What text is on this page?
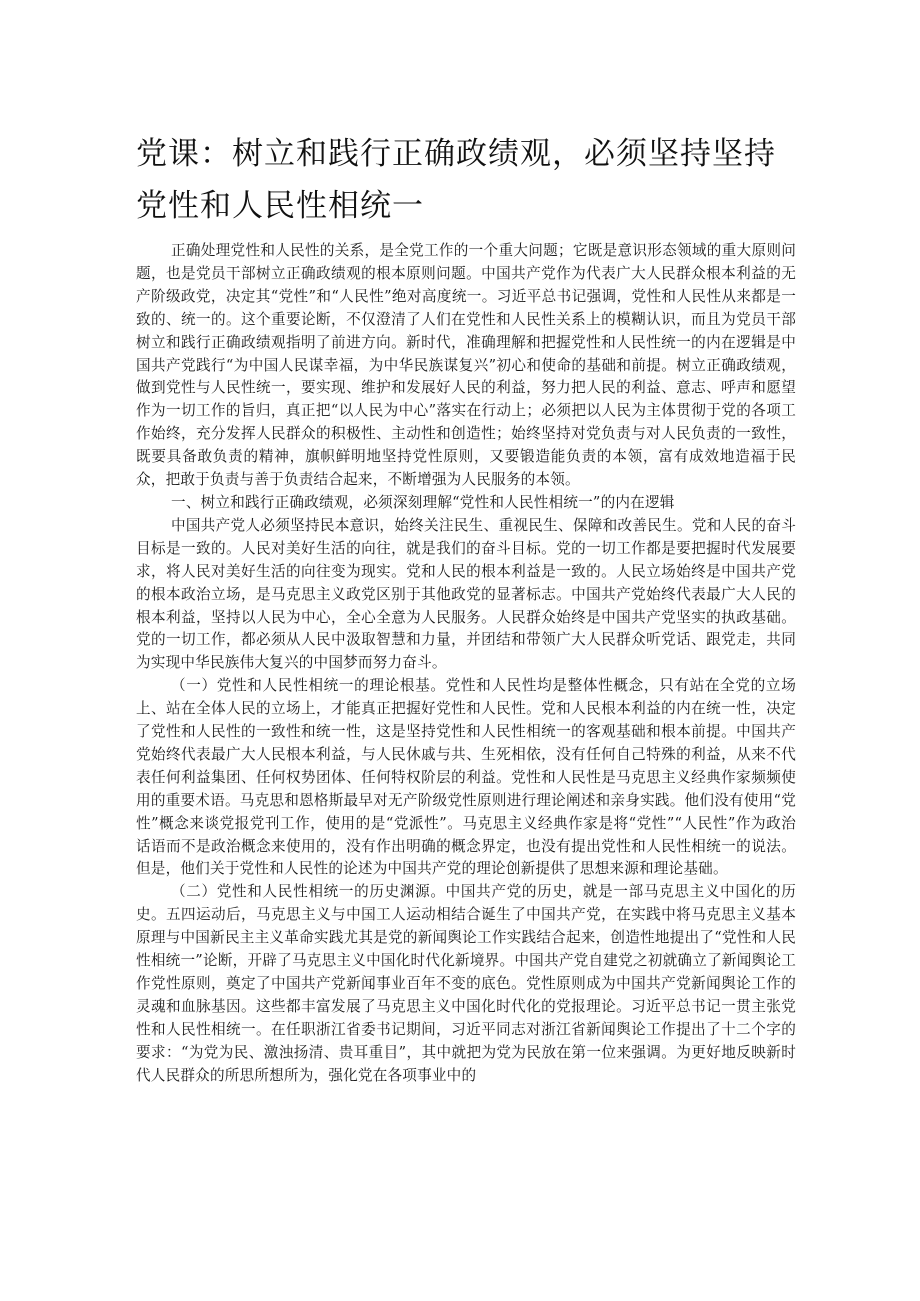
党课：树立和践行正确政绩观，必须坚持坚持党性和人民性相统一

正确处理党性和人民性的关系，是全党工作的一个重大问题；它既是意识形态领域的重大原则问题，也是党员干部树立正确政绩观的根本原则问题。中国共产党作为代表广大人民群众根本利益的无产阶级政党，决定其“党性”和“人民性”绝对高度统一。习近平总书记强调，党性和人民性从来都是一致的、统一的。这个重要论断，不仅澄清了人们在党性和人民性关系上的模糊认识，而且为党员干部树立和践行正确政绩观指明了前进方向。新时代，准确理解和把握党性和人民性统一的内在逻辑是中国共产党践行“为中国人民谋幸福，为中华民族谋复兴”初心和使命的基础和前提。树立正确政绩观，做到党性与人民性统一，要实现、维护和发展好人民的利益，努力把人民的利益、意志、呼声和愿望作为一切工作的旨归，真正把“以人民为中心”落实在行动上；必须把以人民为主体贯彻于党的各项工作始终，充分发挥人民群众的积极性、主动性和创造性；始终坚持对党负责与对人民负责的一致性，既要具备敢负责的精神，旗帜鲜明地坚持党性原则，又要锻造能负责的本领，富有成效地造福于民众，把敢于负责与善于负责结合起来，不断增强为人民服务的本领。

一、树立和践行正确政绩观，必须深刻理解“党性和人民性相统一”的内在逻辑

中国共产党人必须坚持民本意识，始终关注民生、重视民生、保障和改善民生。党和人民的奋斗目标是一致的。人民对美好生活的向往，就是我们的奋斗目标。党的一切工作都是要把握时代发展要求，将人民对美好生活的向往变为现实。党和人民的根本利益是一致的。人民立场始终是中国共产党的根本政治立场，是马克思主义政党区别于其他政党的显著标志。中国共产党始终代表最广大人民的根本利益，坚持以人民为中心，全心全意为人民服务。人民群众始终是中国共产党坚实的执政基础。党的一切工作，都必须从人民中汲取智慧和力量，并团结和带领广大人民群众听党话、跟党走，共同为实现中华民族伟大复兴的中国梦而努力奋斗。

（一）党性和人民性相统一的理论根基。党性和人民性均是整体性概念，只有站在全党的立场上、站在全体人民的立场上，才能真正把握好党性和人民性。党和人民根本利益的内在统一性，决定了党性和人民性的一致性和统一性，这是坚持党性和人民性相统一的客观基础和根本前提。中国共产党始终代表最广大人民根本利益，与人民休戚与共、生死相依，没有任何自己特殊的利益，从来不代表任何利益集团、任何权势团体、任何特权阶层的利益。党性和人民性是马克思主义经典作家频频使用的重要术语。马克思和恩格斯最早对无产阶级党性原则进行理论阐述和亲身实践。他们没有使用“党性”概念来谈党报党刊工作，使用的是“党派性”。马克思主义经典作家是将“党性”“人民性”作为政治话语而不是政治概念来使用的，没有作出明确的概念界定，也没有提出党性和人民性相统一的说法。但是，他们关于党性和人民性的论述为中国共产党的理论创新提供了思想来源和理论基础。

（二）党性和人民性相统一的历史渊源。中国共产党的历史，就是一部马克思主义中国化的历史。五四运动后，马克思主义与中国工人运动相结合诞生了中国共产党，在实践中将马克思主义基本原理与中国新民主主义革命实践尤其是党的新闻舆论工作实践结合起来，创造性地提出了“党性和人民性相统一”论断，开辟了马克思主义中国化时代化新境界。中国共产党自建党之初就确立了新闻舆论工作党性原则，奠定了中国共产党新闻事业百年不变的底色。党性原则成为中国共产党新闻舆论工作的灵魂和血脉基因。这些都丰富发展了马克思主义中国化时代化的党报理论。习近平总书记一贯主张党性和人民性相统一。在任职浙江省委书记期间，习近平同志对浙江省新闻舆论工作提出了十二个字的要求：“为党为民、激浊扬清、贵耳重目”，其中就把为党为民放在第一位来强调。为更好地反映新时代人民群众的所思所想所为，强化党在各项事业中的
